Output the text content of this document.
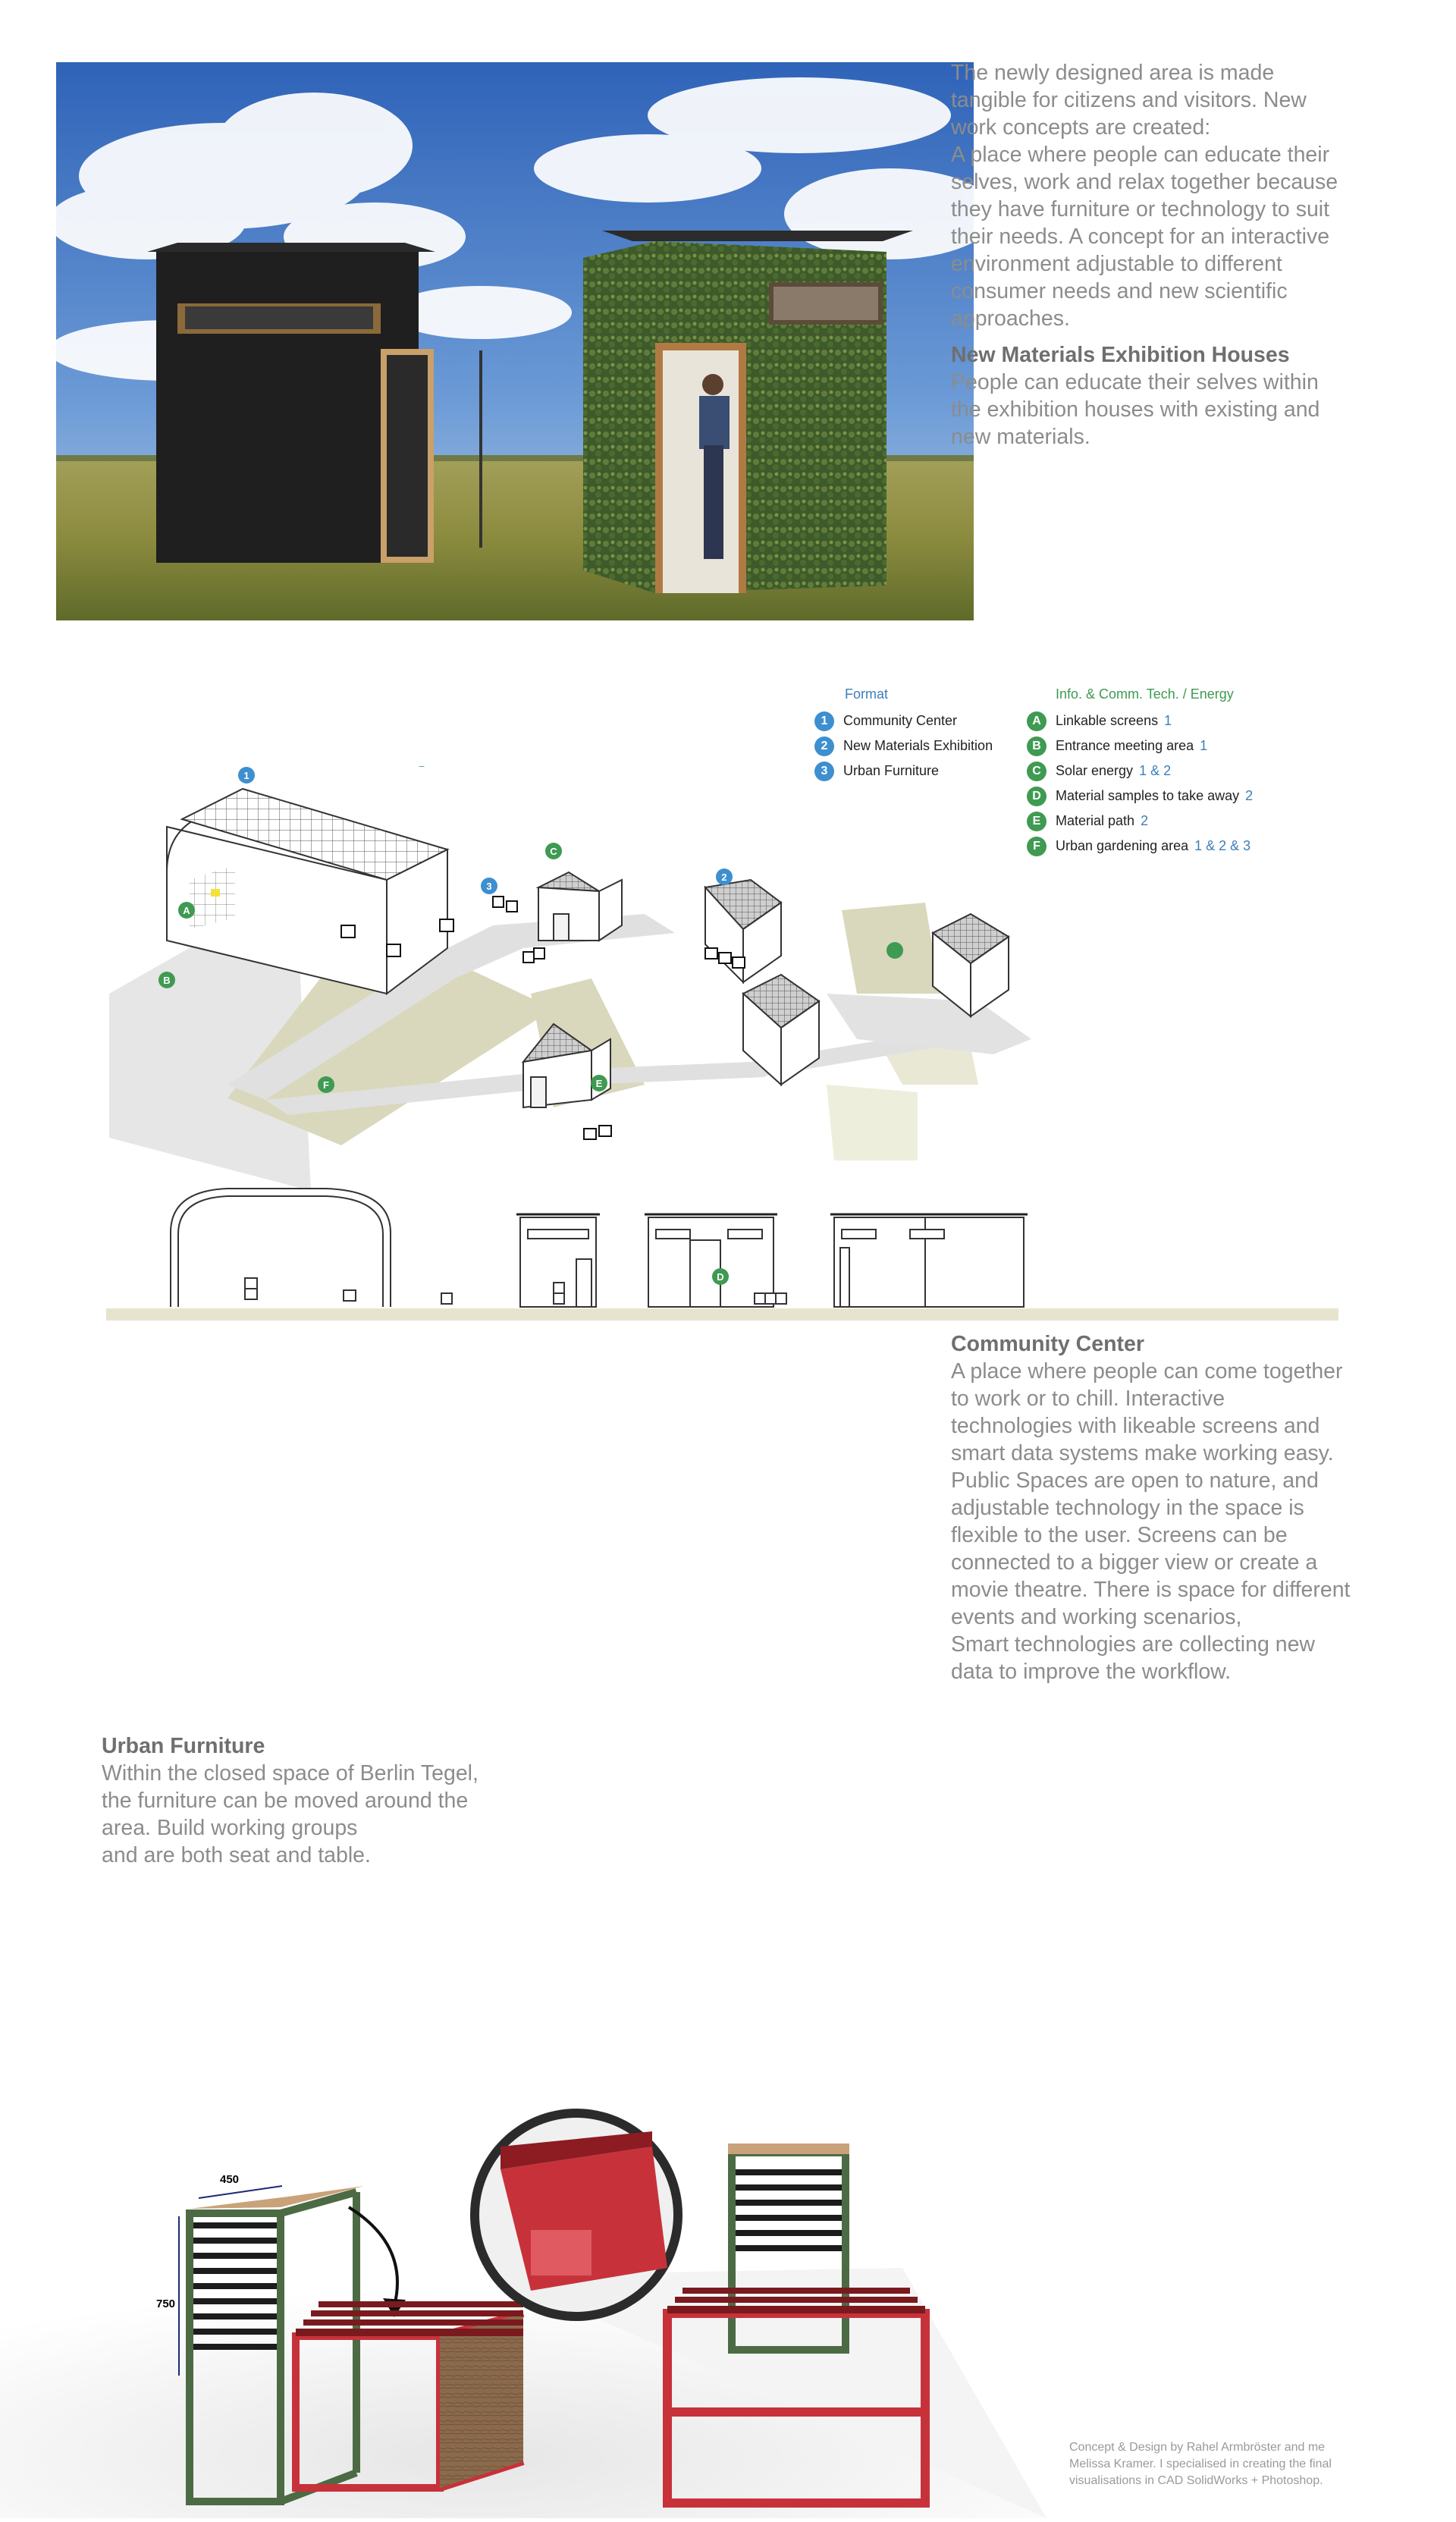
The newly designed area is made
tangible for citizens and visitors. New
work concepts are created:
A place where people can educate their
selves, work and relax together because
they have furniture or technology to suit
their needs. A concept for an interactive
environment adjustable to different
consumer needs and new scientific
approaches.
New Materials Exhibition Houses
People can educate their selves within
the exhibition houses with existing and
new materials.
Format
1	Community Center
2	New Materials Exhibition
3	Urban Furniture
Info. & Comm. Tech. / Energy
A	Linkable screens 1
B	Entrance meeting area 1
C	Solar energy 1 & 2
D	Material samples to take away 2
E	Material path 2
F	Urban gardening area 1 & 2 & 3
1
3
2
A
B
C
E
F
D
Community Center
A place where people can come together
to work or to chill. Interactive
technologies with likeable screens and
smart data systems make working easy.
Public Spaces are open to nature, and
adjustable technology in the space is
flexible to the user. Screens can be
connected to a bigger view or create a
movie theatre. There is space for different
events and working scenarios,
Smart technologies are collecting new
data to improve the workflow.
Urban Furniture
Within the closed space of Berlin Tegel,
the furniture can be moved around the
area. Build working groups
and are both seat and table.
450
750
Concept & Design by Rahel Armbröster and me
Melissa Kramer. I specialised in creating the final
visualisations in CAD SolidWorks + Photoshop.
